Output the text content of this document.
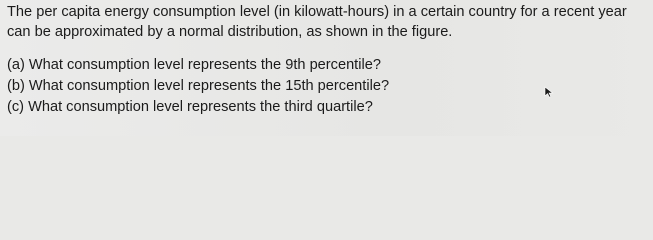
The per capita energy consumption level (in kilowatt-hours) in a certain country for a recent year
can be approximated by a normal distribution, as shown in the figure.
(a) What consumption level represents the 9th percentile?
(b) What consumption level represents the 15th percentile?
(c) What consumption level represents the third quartile?
